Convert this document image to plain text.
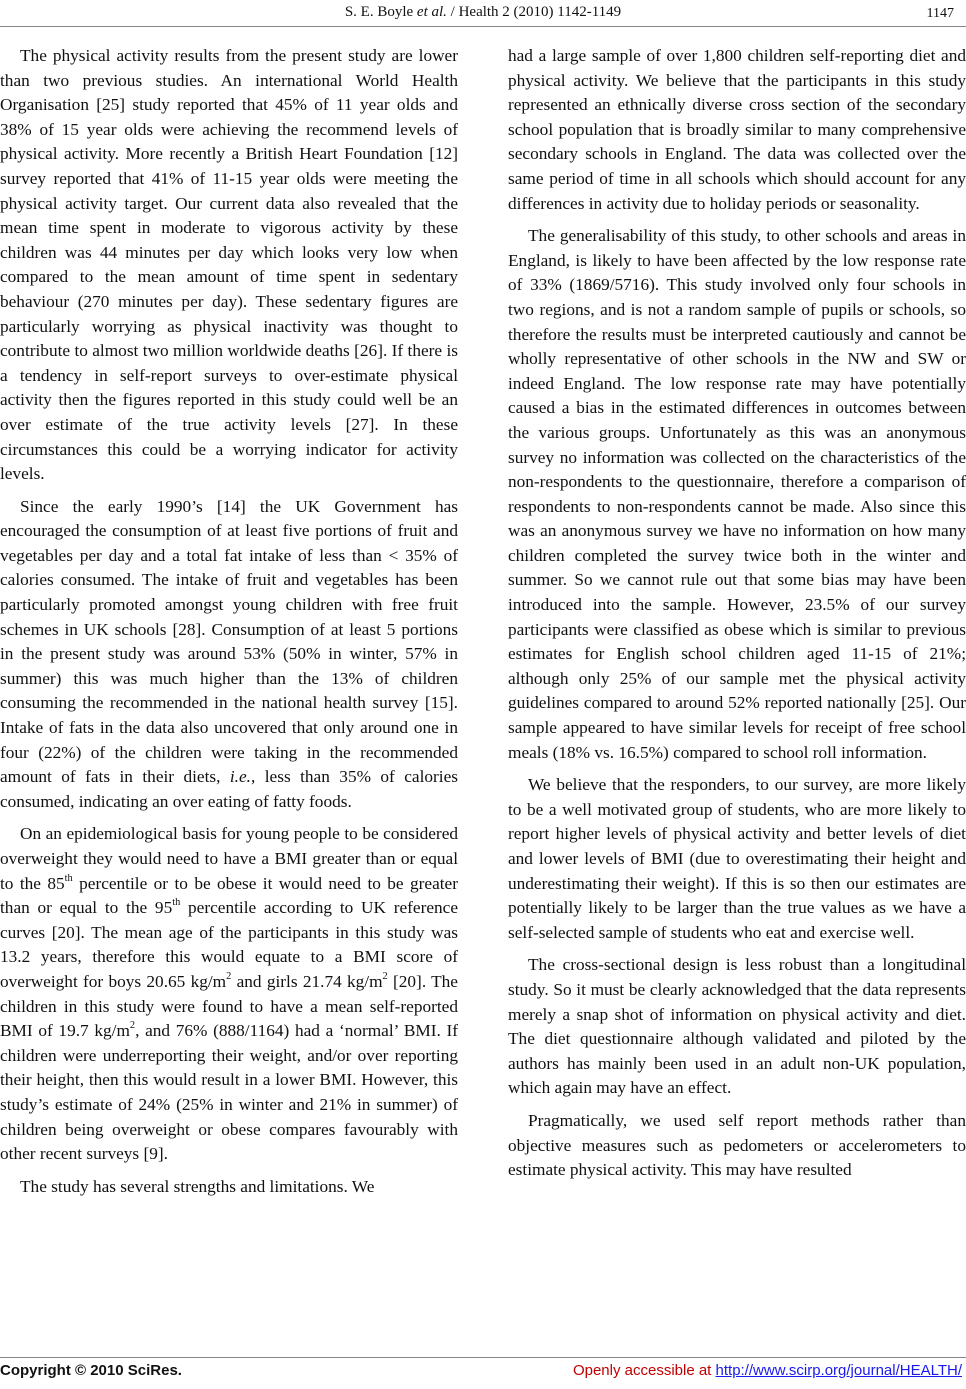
S. E. Boyle et al. / Health 2 (2010) 1142-1149	1147

The physical activity results from the present study are lower than two previous studies. An international World Health Organisation [25] study reported that 45% of 11 year olds and 38% of 15 year olds were achieving the recommend levels of physical activity. More recently a British Heart Foundation [12] survey reported that 41% of 11-15 year olds were meeting the physical activity target. Our current data also revealed that the mean time spent in moderate to vigorous activity by these children was 44 minutes per day which looks very low when compared to the mean amount of time spent in sedentary behaviour (270 minutes per day). These sedentary figures are particularly worrying as physical inactivity was thought to contribute to almost two million worldwide deaths [26]. If there is a tendency in self-report surveys to over-estimate physical activity then the figures reported in this study could well be an over estimate of the true activity levels [27]. In these circumstances this could be a worrying indicator for activity levels.

Since the early 1990’s [14] the UK Government has encouraged the consumption of at least five portions of fruit and vegetables per day and a total fat intake of less than < 35% of calories consumed. The intake of fruit and vegetables has been particularly promoted amongst young children with free fruit schemes in UK schools [28]. Consumption of at least 5 portions in the present study was around 53% (50% in winter, 57% in summer) this was much higher than the 13% of children consuming the recommended in the national health survey [15]. Intake of fats in the data also uncovered that only around one in four (22%) of the children were taking in the recommended amount of fats in their diets, i.e., less than 35% of calories consumed, indicating an over eating of fatty foods.

On an epidemiological basis for young people to be considered overweight they would need to have a BMI greater than or equal to the 85th percentile or to be obese it would need to be greater than or equal to the 95th percentile according to UK reference curves [20]. The mean age of the participants in this study was 13.2 years, therefore this would equate to a BMI score of overweight for boys 20.65 $kg/m^2$ and girls 21.74 $kg/m^2$ [20]. The children in this study were found to have a mean self-reported BMI of 19.7 $kg/m^2$, and 76% (888/1164) had a ‘normal’ BMI. If children were underreporting their weight, and/or over reporting their height, then this would result in a lower BMI. However, this study’s estimate of 24% (25% in winter and 21% in summer) of children being overweight or obese compares favourably with other recent surveys [9].

The study has several strengths and limitations. We

had a large sample of over 1,800 children self-reporting diet and physical activity. We believe that the participants in this study represented an ethnically diverse cross section of the secondary school population that is broadly similar to many comprehensive secondary schools in England. The data was collected over the same period of time in all schools which should account for any differences in activity due to holiday periods or seasonality.

The generalisability of this study, to other schools and areas in England, is likely to have been affected by the low response rate of 33% (1869/5716). This study involved only four schools in two regions, and is not a random sample of pupils or schools, so therefore the results must be interpreted cautiously and cannot be wholly representative of other schools in the NW and SW or indeed England. The low response rate may have potentially caused a bias in the estimated differences in outcomes between the various groups. Unfortunately as this was an anonymous survey no information was collected on the characteristics of the non-respondents to the questionnaire, therefore a comparison of respondents to non-respondents cannot be made. Also since this was an anonymous survey we have no information on how many children completed the survey twice both in the winter and summer. So we cannot rule out that some bias may have been introduced into the sample. However, 23.5% of our survey participants were classified as obese which is similar to previous estimates for English school children aged 11-15 of 21%; although only 25% of our sample met the physical activity guidelines compared to around 52% reported nationally [25]. Our sample appeared to have similar levels for receipt of free school meals (18% vs. 16.5%) compared to school roll information.

We believe that the responders, to our survey, are more likely to be a well motivated group of students, who are more likely to report higher levels of physical activity and better levels of diet and lower levels of BMI (due to overestimating their height and underestimating their weight). If this is so then our estimates are potentially likely to be larger than the true values as we have a self-selected sample of students who eat and exercise well.

The cross-sectional design is less robust than a longitudinal study. So it must be clearly acknowledged that the data represents merely a snap shot of information on physical activity and diet. The diet questionnaire although validated and piloted by the authors has mainly been used in an adult non-UK population, which again may have an effect.

Pragmatically, we used self report methods rather than objective measures such as pedometers or accelerometers to estimate physical activity. This may have resulted

Copyright © 2010 SciRes.	Openly accessible at http://www.scirp.org/journal/HEALTH/
